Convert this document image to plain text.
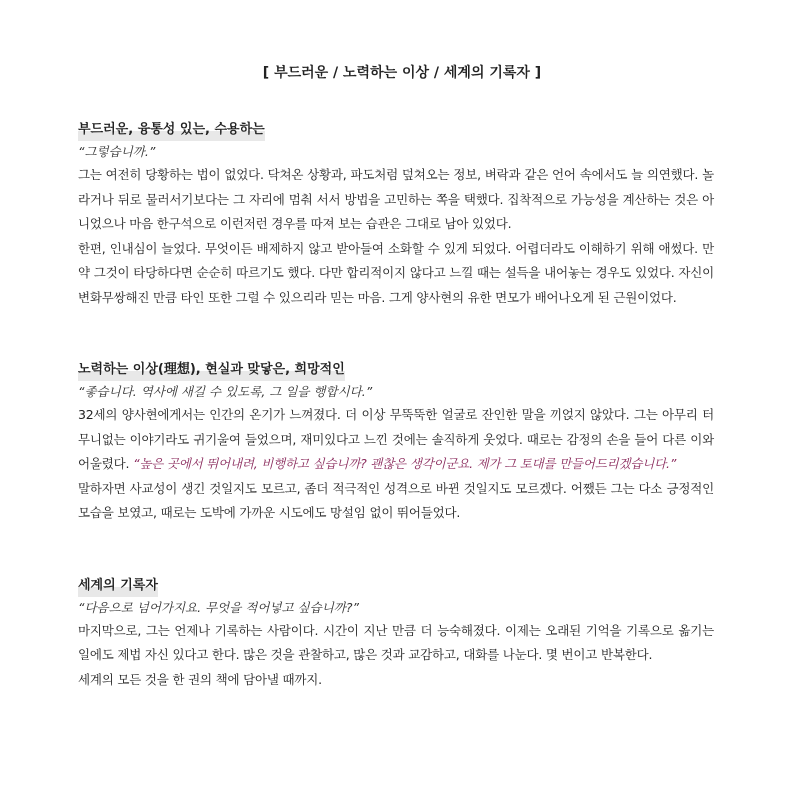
[ 부드러운 / 노력하는 이상 / 세계의 기록자 ]
부드러운, 융통성 있는, 수용하는
“그렇습니까.”

그는 여전히 당황하는 법이 없었다. 닥쳐온 상황과, 파도처럼 덮쳐오는 정보, 벼락과 같은 언어 속에서도 늘 의연했다. 놀라거나 뒤로 물러서기보다는 그 자리에 멈춰 서서 방법을 고민하는 쪽을 택했다. 집착적으로 가능성을 계산하는 것은 아니었으나 마음 한구석으로 이런저런 경우를 따져 보는 습관은 그대로 남아 있었다.

한편, 인내심이 늘었다. 무엇이든 배제하지 않고 받아들여 소화할 수 있게 되었다. 어렵더라도 이해하기 위해 애썼다. 만약 그것이 타당하다면 순순히 따르기도 했다. 다만 합리적이지 않다고 느낄 때는 설득을 내어놓는 경우도 있었다. 자신이 변화무쌍해진 만큼 타인 또한 그럴 수 있으리라 믿는 마음. 그게 양사현의 유한 면모가 배어나오게 된 근원이었다.

노력하는 이상(理想), 현실과 맞닿은, 희망적인
“좋습니다. 역사에 새길 수 있도록, 그 일을 행합시다.”

32세의 양사현에게서는 인간의 온기가 느껴졌다. 더 이상 무뚝뚝한 얼굴로 잔인한 말을 끼얹지 않았다. 그는 아무리 터무니없는 이야기라도 귀기울여 들었으며, 재미있다고 느낀 것에는 솔직하게 웃었다. 때로는 감정의 손을 들어 다른 이와 어울렸다. “높은 곳에서 뛰어내려, 비행하고 싶습니까? 괜찮은 생각이군요. 제가 그 토대를 만들어드리겠습니다.”

말하자면 사교성이 생긴 것일지도 모르고, 좀더 적극적인 성격으로 바뀐 것일지도 모르겠다. 어쨌든 그는 다소 긍정적인 모습을 보였고, 때로는 도박에 가까운 시도에도 망설임 없이 뛰어들었다.

세계의 기록자
“다음으로 넘어가지요. 무엇을 적어넣고 싶습니까?”

마지막으로, 그는 언제나 기록하는 사람이다. 시간이 지난 만큼 더 능숙해졌다. 이제는 오래된 기억을 기록으로 옮기는 일에도 제법 자신 있다고 한다. 많은 것을 관찰하고, 많은 것과 교감하고, 대화를 나눈다. 몇 번이고 반복한다.

세계의 모든 것을 한 권의 책에 담아낼 때까지.
